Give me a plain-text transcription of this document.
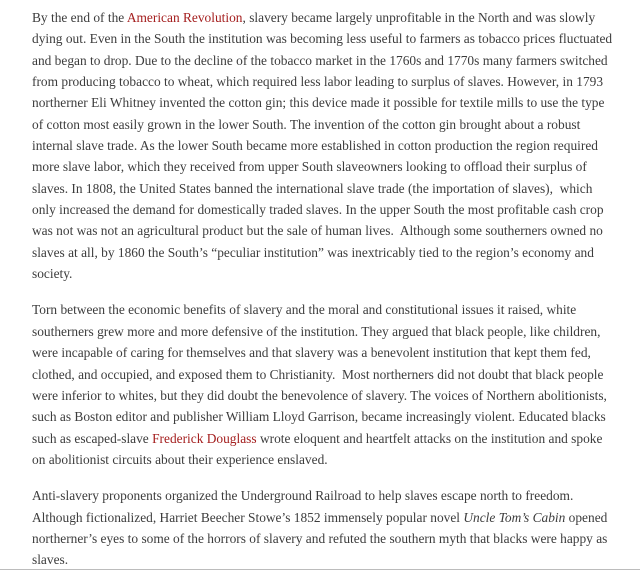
By the end of the American Revolution, slavery became largely unprofitable in the North and was slowly dying out. Even in the South the institution was becoming less useful to farmers as tobacco prices fluctuated and began to drop. Due to the decline of the tobacco market in the 1760s and 1770s many farmers switched from producing tobacco to wheat, which required less labor leading to surplus of slaves. However, in 1793 northerner Eli Whitney invented the cotton gin; this device made it possible for textile mills to use the type of cotton most easily grown in the lower South. The invention of the cotton gin brought about a robust internal slave trade. As the lower South became more established in cotton production the region required more slave labor, which they received from upper South slaveowners looking to offload their surplus of slaves. In 1808, the United States banned the international slave trade (the importation of slaves),  which only increased the demand for domestically traded slaves. In the upper South the most profitable cash crop was not was not an agricultural product but the sale of human lives.  Although some southerners owned no slaves at all, by 1860 the South’s “peculiar institution” was inextricably tied to the region’s economy and society.

Torn between the economic benefits of slavery and the moral and constitutional issues it raised, white southerners grew more and more defensive of the institution. They argued that black people, like children, were incapable of caring for themselves and that slavery was a benevolent institution that kept them fed, clothed, and occupied, and exposed them to Christianity.  Most northerners did not doubt that black people were inferior to whites, but they did doubt the benevolence of slavery. The voices of Northern abolitionists, such as Boston editor and publisher William Lloyd Garrison, became increasingly violent. Educated blacks such as escaped-slave Frederick Douglass wrote eloquent and heartfelt attacks on the institution and spoke on abolitionist circuits about their experience enslaved.

Anti-slavery proponents organized the Underground Railroad to help slaves escape north to freedom. Although fictionalized, Harriet Beecher Stowe’s 1852 immensely popular novel Uncle Tom’s Cabin opened northerner’s eyes to some of the horrors of slavery and refuted the southern myth that blacks were happy as slaves.
